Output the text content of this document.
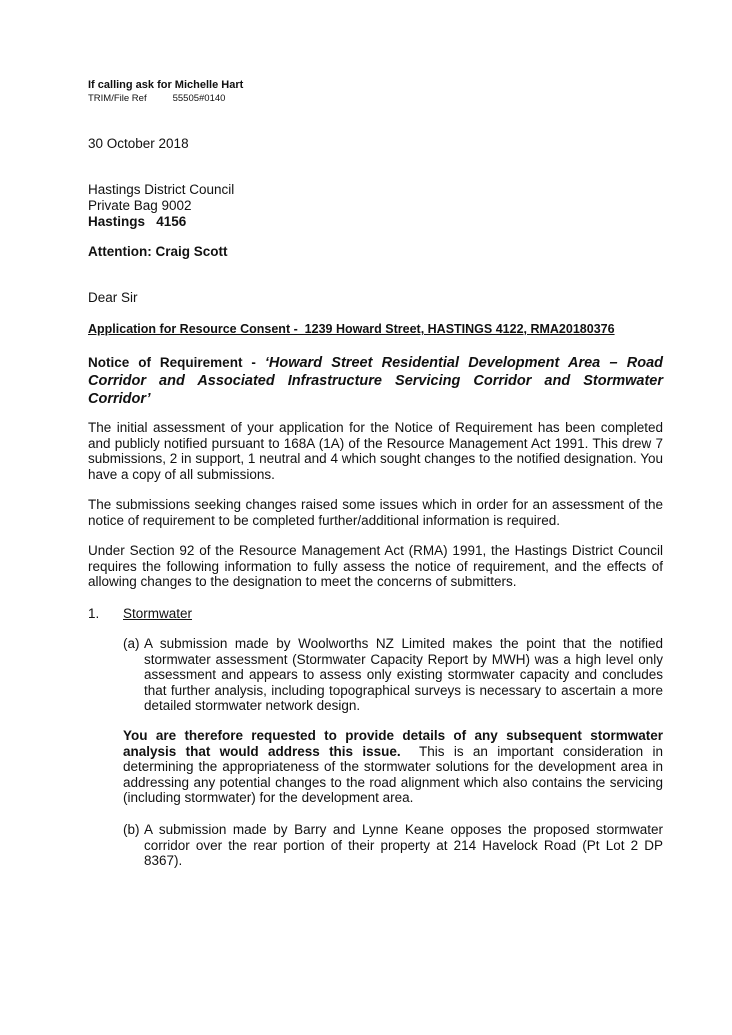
If calling ask for Michelle Hart
TRIM/File Ref	55505#0140
30 October 2018
Hastings District Council
Private Bag 9002
Hastings   4156
Attention: Craig Scott
Dear Sir
Application for Resource Consent -  1239 Howard Street, HASTINGS 4122, RMA20180376
Notice of Requirement - ‘Howard Street Residential Development Area – Road Corridor and Associated Infrastructure Servicing Corridor and Stormwater Corridor’
The initial assessment of your application for the Notice of Requirement has been completed and publicly notified pursuant to 168A (1A) of the Resource Management Act 1991. This drew 7 submissions, 2 in support, 1 neutral and 4 which sought changes to the notified designation. You have a copy of all submissions.
The submissions seeking changes raised some issues which in order for an assessment of the notice of requirement to be completed further/additional information is required.
Under Section 92 of the Resource Management Act (RMA) 1991, the Hastings District Council requires the following information to fully assess the notice of requirement, and the effects of allowing changes to the designation to meet the concerns of submitters.
1. Stormwater
(a) A submission made by Woolworths NZ Limited makes the point that the notified stormwater assessment (Stormwater Capacity Report by MWH) was a high level only assessment and appears to assess only existing stormwater capacity and concludes that further analysis, including topographical surveys is necessary to ascertain a more detailed stormwater network design.
You are therefore requested to provide details of any subsequent stormwater analysis that would address this issue.  This is an important consideration in determining the appropriateness of the stormwater solutions for the development area in addressing any potential changes to the road alignment which also contains the servicing (including stormwater) for the development area.
(b) A submission made by Barry and Lynne Keane opposes the proposed stormwater corridor over the rear portion of their property at 214 Havelock Road (Pt Lot 2 DP 8367).
